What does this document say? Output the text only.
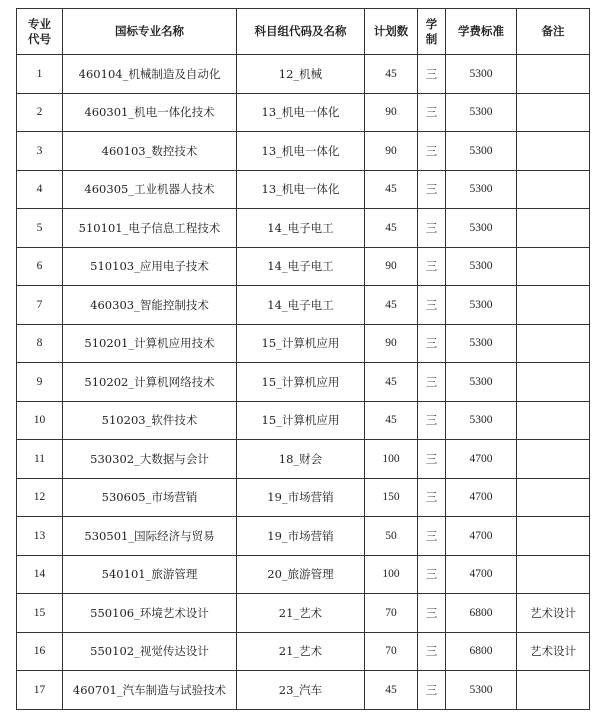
专业代号	国标专业名称	科目组代码及名称	计划数	学制	学费标准	备注
1	460104_机械制造及自动化	12_机械	45	三	5300	
2	460301_机电一体化技术	13_机电一体化	90	三	5300	
3	460103_数控技术	13_机电一体化	90	三	5300	
4	460305_工业机器人技术	13_机电一体化	45	三	5300	
5	510101_电子信息工程技术	14_电子电工	45	三	5300	
6	510103_应用电子技术	14_电子电工	90	三	5300	
7	460303_智能控制技术	14_电子电工	45	三	5300	
8	510201_计算机应用技术	15_计算机应用	90	三	5300	
9	510202_计算机网络技术	15_计算机应用	45	三	5300	
10	510203_软件技术	15_计算机应用	45	三	5300	
11	530302_大数据与会计	18_财会	100	三	4700	
12	530605_市场营销	19_市场营销	150	三	4700	
13	530501_国际经济与贸易	19_市场营销	50	三	4700	
14	540101_旅游管理	20_旅游管理	100	三	4700	
15	550106_环境艺术设计	21_艺术	70	三	6800	艺术设计
16	550102_视觉传达设计	21_艺术	70	三	6800	艺术设计
17	460701_汽车制造与试验技术	23_汽车	45	三	5300	
